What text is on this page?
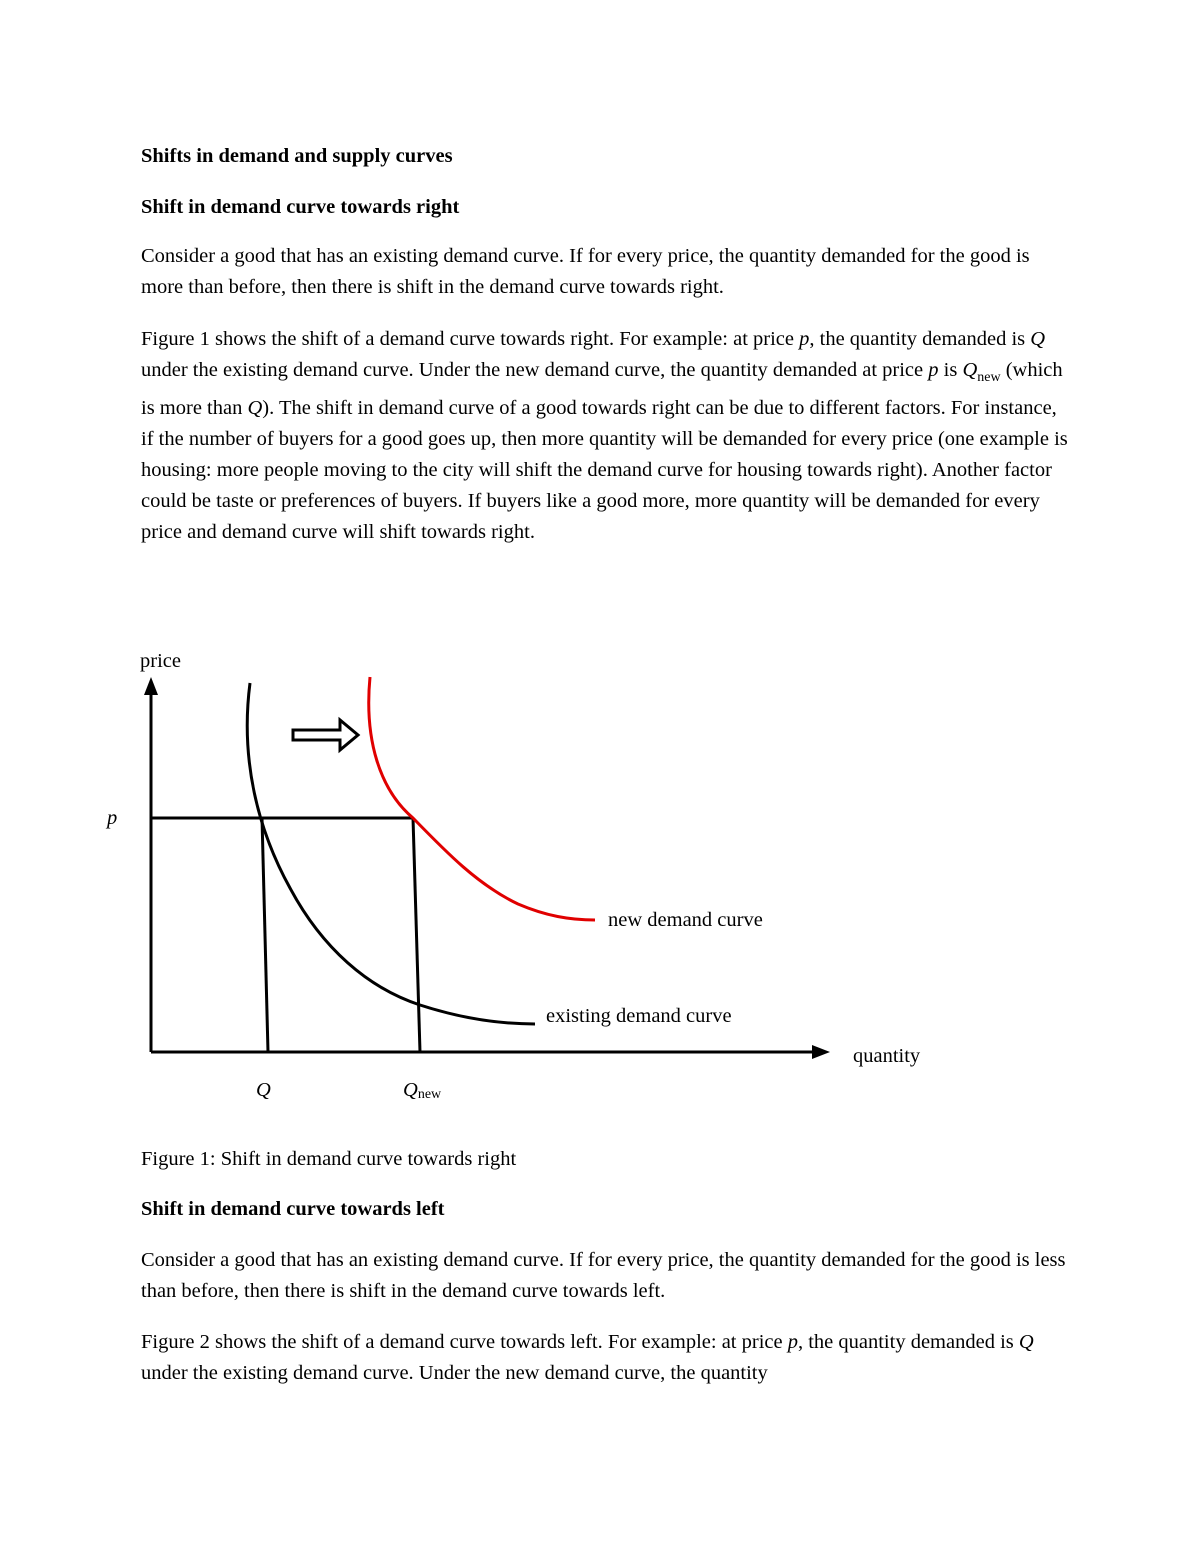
Shifts in demand and supply curves
Shift in demand curve towards right

Consider a good that has an existing demand curve. If for every price, the quantity demanded for the good is more than before, then there is shift in the demand curve towards right.

Figure 1 shows the shift of a demand curve towards right. For example: at price p, the quantity demanded is Q under the existing demand curve. Under the new demand curve, the quantity demanded at price p is $Q_{new}$ (which is more than Q). The shift in demand curve of a good towards right can be due to different factors. For instance, if the number of buyers for a good goes up, then more quantity will be demanded for every price (one example is housing: more people moving to the city will shift the demand curve for housing towards right). Another factor could be taste or preferences of buyers. If buyers like a good more, more quantity will be demanded for every price and demand curve will shift towards right.

price
p
quantity
Q	Qnew
new demand curve
existing demand curve
Figure 1: Shift in demand curve towards right
Shift in demand curve towards left

Consider a good that has an existing demand curve. If for every price, the quantity demanded for the good is less than before, then there is shift in the demand curve towards left.

Figure 2 shows the shift of a demand curve towards left. For example: at price p, the quantity demanded is Q under the existing demand curve. Under the new demand curve, the quantity
